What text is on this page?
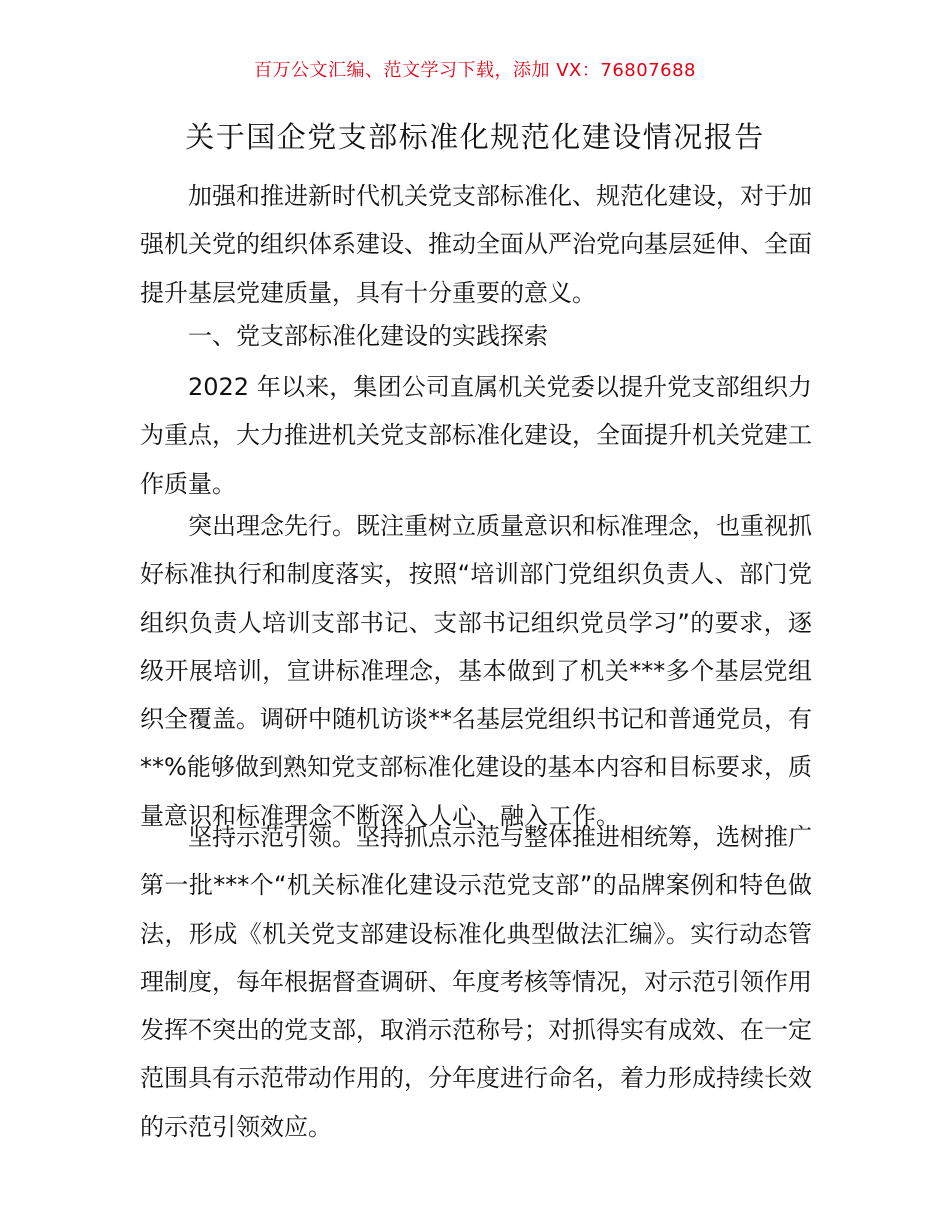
百万公文汇编、范文学习下载，添加 VX：76807688
关于国企党支部标准化规范化建设情况报告

加强和推进新时代机关党支部标准化、规范化建设，对于加强机关党的组织体系建设、推动全面从严治党向基层延伸、全面提升基层党建质量，具有十分重要的意义。

一、党支部标准化建设的实践探索

2022 年以来，集团公司直属机关党委以提升党支部组织力为重点，大力推进机关党支部标准化建设，全面提升机关党建工作质量。

突出理念先行。既注重树立质量意识和标准理念，也重视抓好标准执行和制度落实，按照“培训部门党组织负责人、部门党组织负责人培训支部书记、支部书记组织党员学习”的要求，逐级开展培训，宣讲标准理念，基本做到了机关***多个基层党组织全覆盖。调研中随机访谈**名基层党组织书记和普通党员，有**%能够做到熟知党支部标准化建设的基本内容和目标要求，质量意识和标准理念不断深入人心、融入工作。

坚持示范引领。坚持抓点示范与整体推进相统筹，选树推广第一批***个“机关标准化建设示范党支部”的品牌案例和特色做法，形成《机关党支部建设标准化典型做法汇编》。实行动态管理制度，每年根据督查调研、年度考核等情况，对示范引领作用发挥不突出的党支部，取消示范称号；对抓得实有成效、在一定范围具有示范带动作用的，分年度进行命名，着力形成持续长效的示范引领效应。
